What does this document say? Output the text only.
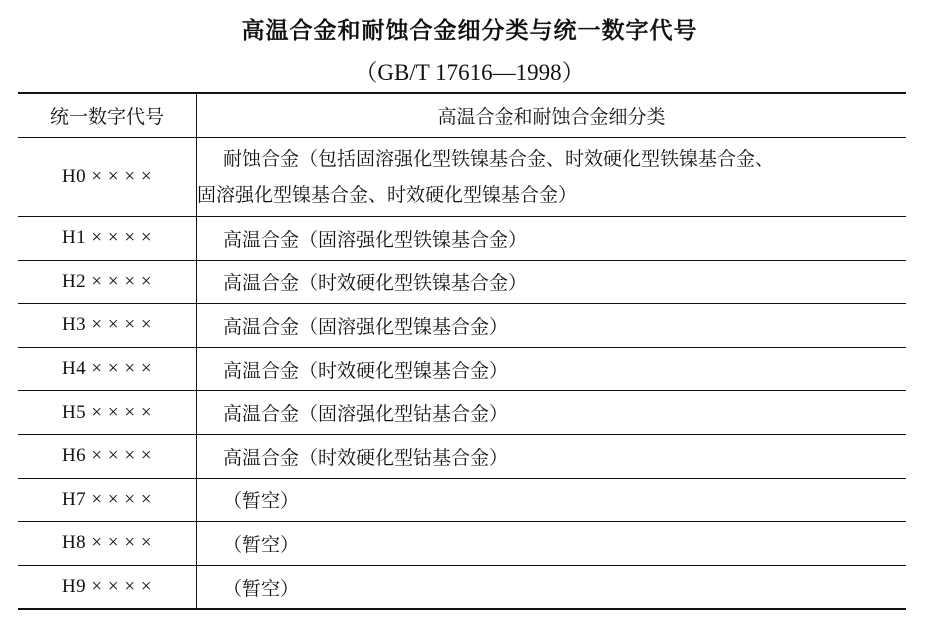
高温合金和耐蚀合金细分类与统一数字代号
（GB/T 17616—1998）
统一数字代号	高温合金和耐蚀合金细分类
H0 × × × ×	耐蚀合金（包括固溶强化型铁镍基合金、时效硬化型铁镍基合金、
固溶强化型镍基合金、时效硬化型镍基合金）

H1 × × × ×	高温合金（固溶强化型铁镍基合金）
H2 × × × ×	高温合金（时效硬化型铁镍基合金）
H3 × × × ×	高温合金（固溶强化型镍基合金）
H4 × × × ×	高温合金（时效硬化型镍基合金）
H5 × × × ×	高温合金（固溶强化型钴基合金）
H6 × × × ×	高温合金（时效硬化型钴基合金）
H7 × × × ×	（暂空）
H8 × × × ×	（暂空）
H9 × × × ×	（暂空）
